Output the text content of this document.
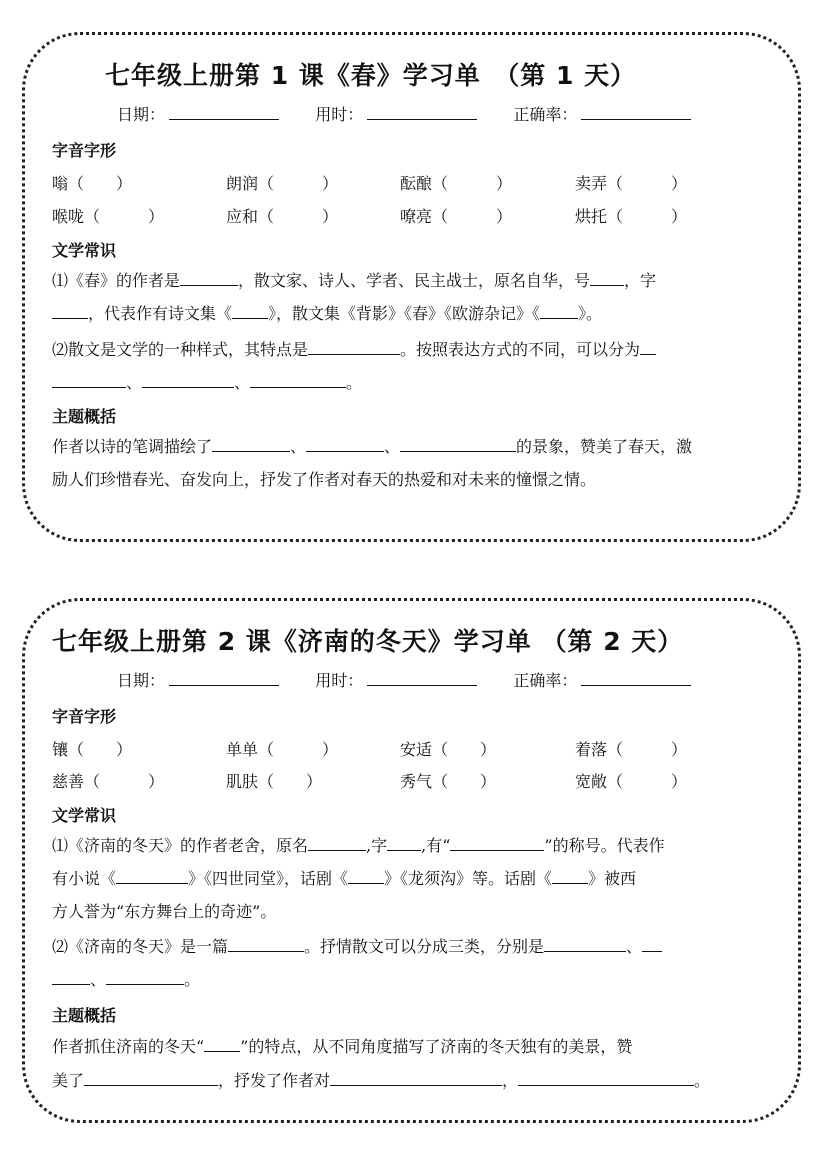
七年级上册第 1 课《春》学习单　（第 1 天）
日期：	用时：	正确率：
字音字形
嗡（　　）	朗润（　　　）	酝酿（　　　）	卖弄（　　　）
喉咙（　　　）	应和（　　　）	嘹亮（　　　）	烘托（　　　）
文学常识
⑴《春》的作者是	，散文家、诗人、学者、民主战士，原名自华，号 ，字
，代表作有诗文集《 》，散文集《背影》《春》《欧游杂记》《 》。
⑵散文是文学的一种样式，其特点是	。按照表达方式的不同，可以分为
、	、	。
主题概括
作者以诗的笔调描绘了	、	、	的景象，赞美了春天，激
励人们珍惜春光、奋发向上，抒发了作者对春天的热爱和对未来的憧憬之情。
七年级上册第 2 课《济南的冬天》学习单 （第 2 天）
日期：	用时：	正确率：
字音字形
镶（　　）	单单（　　　）	安适（　　）	着落（　　　）
慈善（　　　）	肌肤（　　）	秀气（　　）	宽敞（　　　）
文学常识
⑴《济南的冬天》的作者老舍，原名	,字 ,有“	”的称号。代表作
有小说《	》《四世同堂》，话剧《 》《龙须沟》等。话剧《 》被西
方人誉为“东方舞台上的奇迹”。
⑵《济南的冬天》是一篇	。抒情散文可以分成三类，分别是	、
、	。
主题概括
作者抓住济南的冬天“ ”的特点，从不同角度描写了济南的冬天独有的美景，赞
美了	，抒发了作者对	，	。
